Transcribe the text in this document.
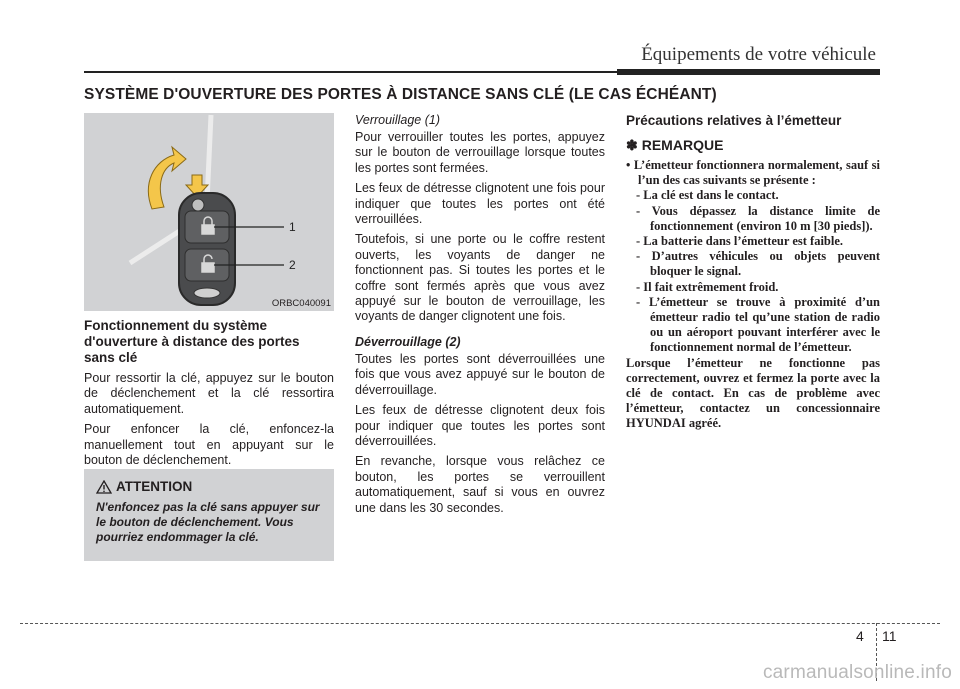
Équipements de votre véhicule
SYSTÈME D'OUVERTURE DES PORTES À DISTANCE SANS CLÉ (LE CAS ÉCHÉANT)
1
2
ORBC040091
Fonctionnement du système d'ouverture à distance des portes sans clé

Pour ressortir la clé, appuyez sur le bouton de déclenchement et la clé ressortira automatiquement.

Pour enfoncer la clé, enfoncez-la manuellement tout en appuyant sur le bouton de déclenchement.

ATTENTION
N'enfoncez pas la clé sans appuyer sur le bouton de déclenchement. Vous pourriez endommager la clé.
Verrouillage (1)

Pour verrouiller toutes les portes, appuyez sur le bouton de verrouillage lorsque toutes les portes sont fermées.

Les feux de détresse clignotent une fois pour indiquer que toutes les portes ont été verrouillées.

Toutefois, si une porte ou le coffre restent ouverts, les voyants de danger ne fonctionnent pas. Si toutes les portes et le coffre sont fermés après que vous avez appuyé sur le bouton de verrouillage, les voyants de danger clignotent une fois.

Déverrouillage (2)

Toutes les portes sont déverrouillées une fois que vous avez appuyé sur le bouton de déverrouillage.

Les feux de détresse clignotent deux fois pour indiquer que toutes les portes sont déverrouillées.

En revanche, lorsque vous relâchez ce bouton, les portes se verrouillent automatiquement, sauf si vous en ouvrez une dans les 30 secondes.

Précautions relatives à l’émetteur
✽ REMARQUE

• L’émetteur fonctionnera normalement, sauf si l’un des cas suivants se présente :

- La clé est dans le contact.

- Vous dépassez la distance limite de fonctionnement (environ 10 m [30 pieds]).

- La batterie dans l’émetteur est faible.

- D’autres véhicules ou objets peuvent bloquer le signal.

- Il fait extrêmement froid.

- L’émetteur se trouve à proximité d’un émetteur radio tel qu’une station de radio ou un aéroport pouvant interférer avec le fonctionnement normal de l’émetteur.

Lorsque l’émetteur ne fonctionne pas correctement, ouvrez et fermez la porte avec la clé de contact. En cas de problème avec l’émetteur, contactez un concessionnaire HYUNDAI agréé.

4 11
carmanualsonline.info
